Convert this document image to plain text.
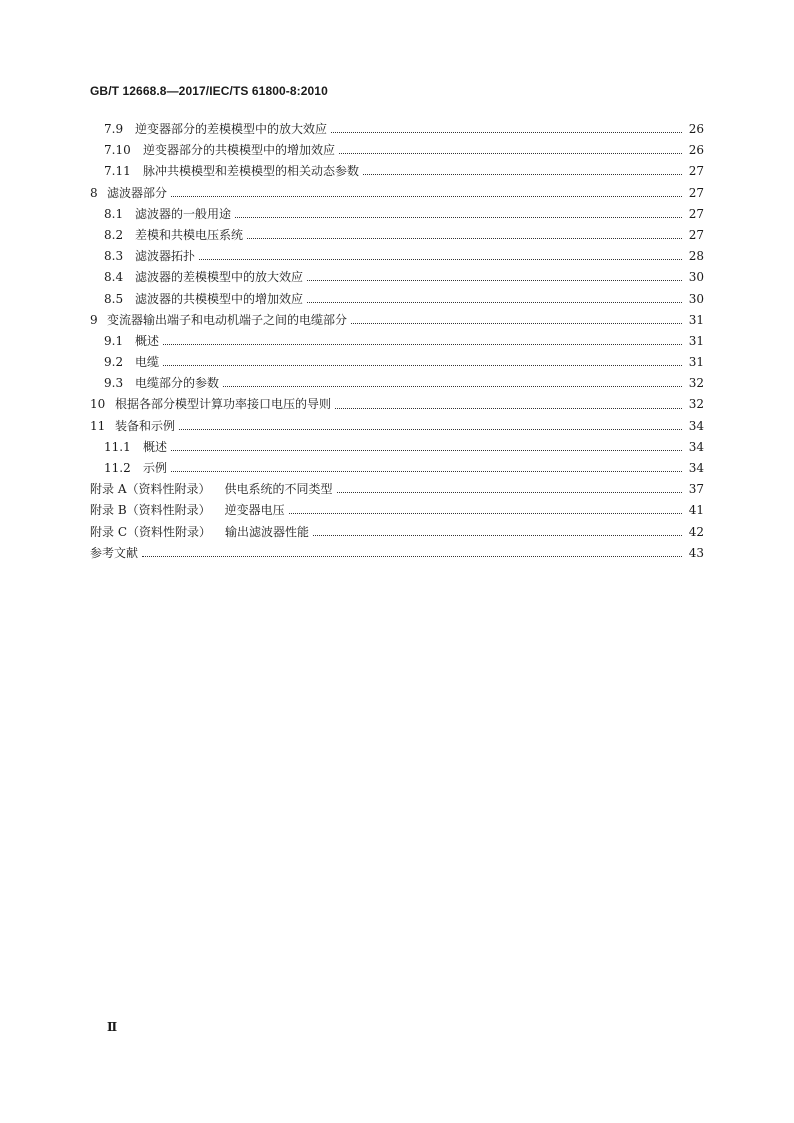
GB/T 12668.8—2017/IEC/TS 61800-8:2010
7.9 逆变器部分的差模模型中的放大效应	26
7.10	逆变器部分的共模模型中的增加效应	26
7.11	脉冲共模模型和差模模型的相关动态参数	27
8 滤波器部分	27
8.1 滤波器的一般用途	27
8.2 差模和共模电压系统	27
8.3 滤波器拓扑	28
8.4 滤波器的差模模型中的放大效应	30
8.5 滤波器的共模模型中的增加效应	30
9 变流器输出端子和电动机端子之间的电缆部分	31
9.1 概述	31
9.2 电缆	31
9.3 电缆部分的参数	32
10 根据各部分模型计算功率接口电压的导则	32
11 装备和示例	34
11.1	概述	34
11.2	示例	34
附录 A（资料性附录） 供电系统的不同类型	37
附录 B（资料性附录） 逆变器电压	41
附录 C（资料性附录） 输出滤波器性能	42
参考文献	43
Ⅱ
